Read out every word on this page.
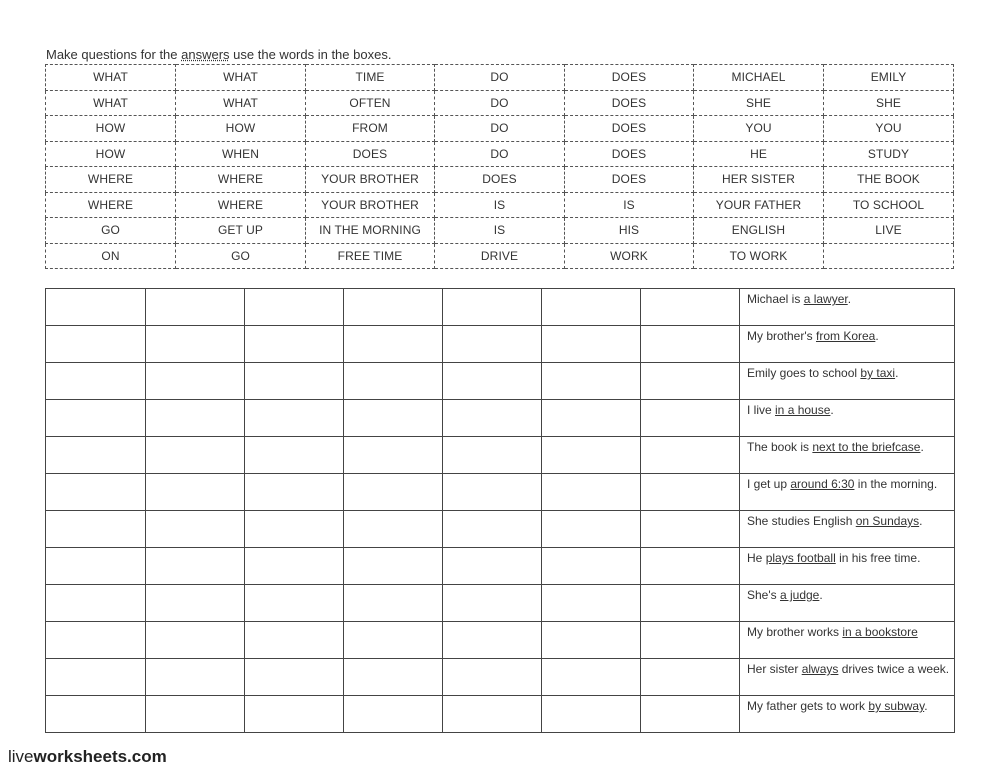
Make questions for the answers use the words in the boxes.
WHAT	WHAT	TIME	DO	DOES	MICHAEL	EMILY
WHAT	WHAT	OFTEN	DO	DOES	SHE	SHE
HOW	HOW	FROM	DO	DOES	YOU	YOU
HOW	WHEN	DOES	DO	DOES	HE	STUDY
WHERE	WHERE	YOUR BROTHER	DOES	DOES	HER SISTER	THE BOOK
WHERE	WHERE	YOUR BROTHER	IS	IS	YOUR FATHER	TO SCHOOL
GO	GET UP	IN THE MORNING	IS	HIS	ENGLISH	LIVE
ON	GO	FREE TIME	DRIVE	WORK	TO WORK	
							Michael is a lawyer.
							My brother's from Korea.
							Emily goes to school by taxi.
							I live in a house.
							The book is next to the briefcase.
							I get up around 6:30 in the morning.
							She studies English on Sundays.
							He plays football in his free time.
							She's a judge.
							My brother works in a bookstore
							Her sister always drives twice a week.
							My father gets to work by subway.
liveworksheets.com
